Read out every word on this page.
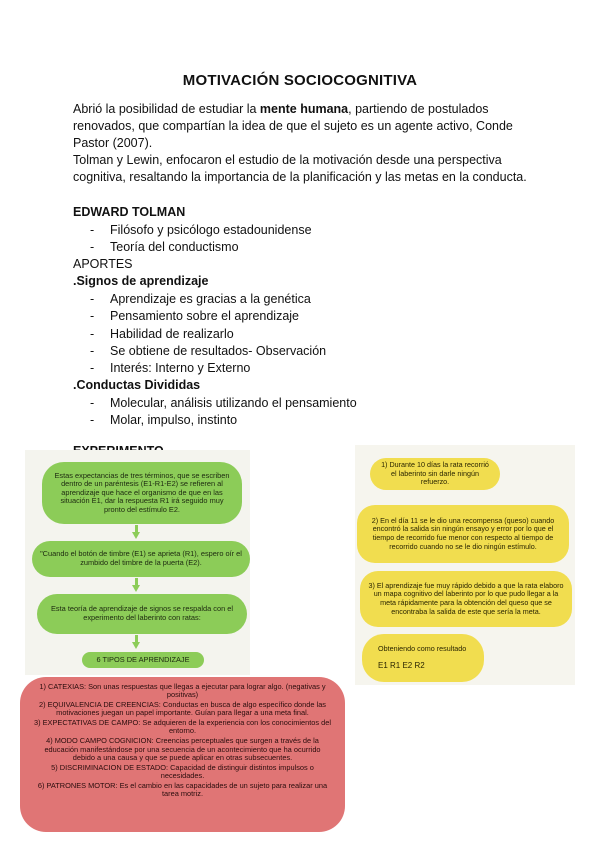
MOTIVACIÓN SOCIOCOGNITIVA

Abrió la posibilidad de estudiar la mente humana, partiendo de postulados renovados, que compartían la idea de que el sujeto es un agente activo, Conde Pastor (2007).

Tolman y Lewin, enfocaron el estudio de la motivación desde una perspectiva cognitiva, resaltando la importancia de la planificación y las metas en la conducta.

EDWARD TOLMAN
- Filósofo y psicólogo estadounidense
- Teoría del conductismo
APORTES
.Signos de aprendizaje
- Aprendizaje es gracias a la genética
- Pensamiento sobre el aprendizaje
- Habilidad de realizarlo
- Se obtiene de resultados- Observación
- Interés: Interno y Externo
.Conductas Divididas
- Molecular, análisis utilizando el pensamiento
- Molar, impulso, instinto
Estas expectancias de tres términos, que se escriben dentro de un paréntesis (E1-R1-E2) se refieren al aprendizaje que hace el organismo de que en las situación E1, dar la respuesta R1 irá seguido muy pronto del estímulo E2.
"Cuando el botón de timbre (E1) se aprieta (R1), espero oír el zumbido del timbre de la puerta (E2).
Esta teoría de aprendizaje de signos se respalda con el experimento del laberinto con ratas:
6 TIPOS DE APRENDIZAJE

1) CATEXIAS: Son unas respuestas que llegas a ejecutar para lograr algo. (negativas y positivas)

2) EQUIVALENCIA DE CREENCIAS: Conductas en busca de algo específico donde las motivaciones juegan un papel importante. Guían para llegar a una meta final.

3) EXPECTATIVAS DE CAMPO: Se adquieren de la experiencia con los conocimientos del entorno.

4) MODO CAMPO COGNICION: Creencias perceptuales que surgen a través de la educación manifestándose por una secuencia de un acontecimiento que ha ocurrido debido a una causa y que se puede aplicar en otras subsecuentes.

5) DISCRIMINACION DE ESTADO: Capacidad de distinguir distintos impulsos o necesidades.

6) PATRONES MOTOR: Es el cambio en las capacidades de un sujeto para realizar una tarea motriz.

1) Durante 10 días la rata recorrió el laberinto sin darle ningún refuerzo.
2) En el día 11 se le dio una recompensa (queso) cuando encontró la salida sin ningún ensayo y error por lo que el tiempo de recorrido fue menor con respecto al tiempo de recorrido cuando no se le dio ningún estímulo.
3) El aprendizaje fue muy rápido debido a que la rata elaboro un mapa cognitivo del laberinto por lo que pudo llegar a la meta rápidamente para la obtención del queso que se encontraba la salida de este que sería la meta.
Obteniendo como resultado
E1 R1 E2 R2
